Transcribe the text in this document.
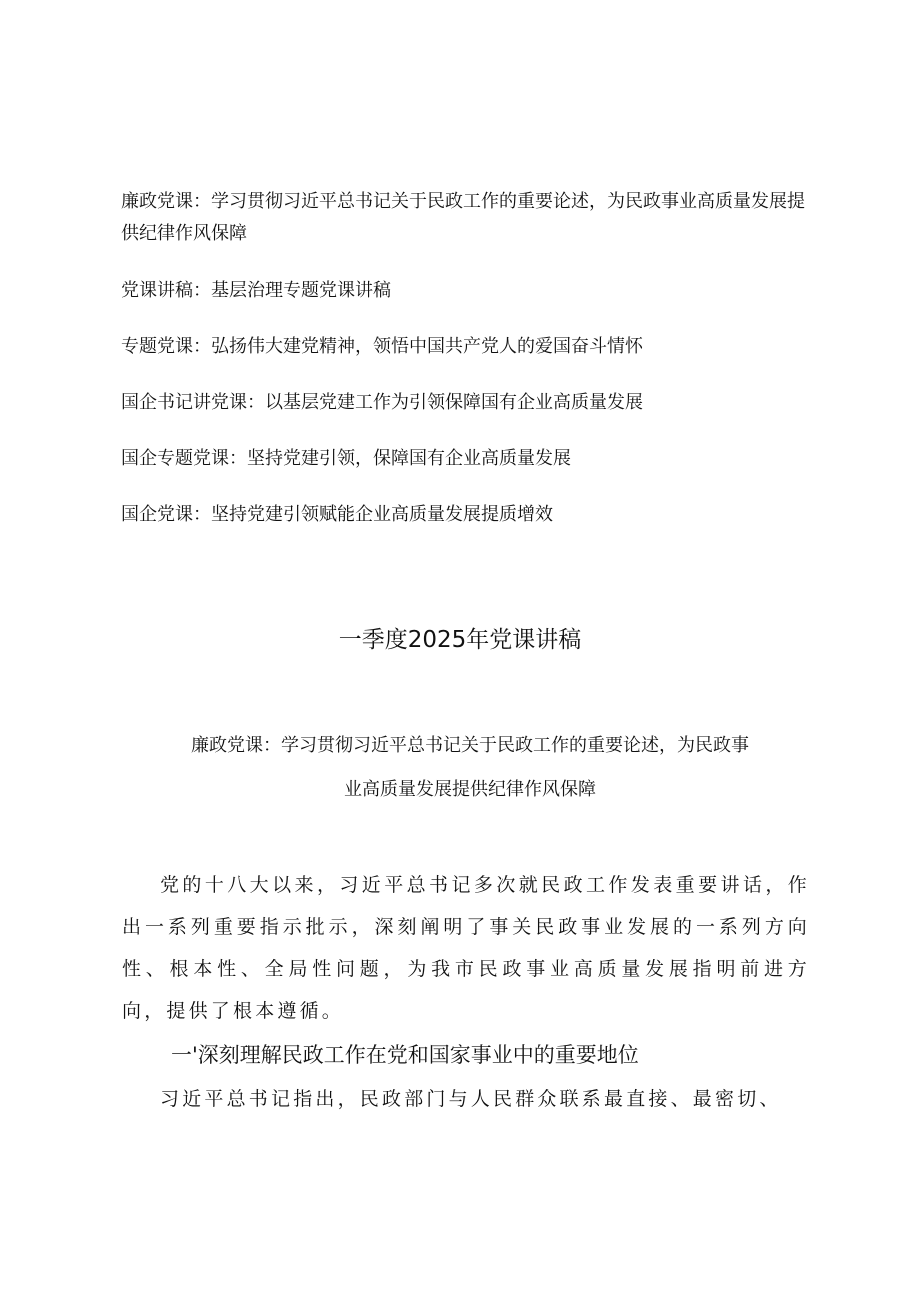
廉政党课：学习贯彻习近平总书记关于民政工作的重要论述，为民政事业高质量发展提供纪律作风保障
党课讲稿：基层治理专题党课讲稿
专题党课：弘扬伟大建党精神，领悟中国共产党人的爱国奋斗情怀
国企书记讲党课：以基层党建工作为引领保障国有企业高质量发展
国企专题党课：坚持党建引领，保障国有企业高质量发展
国企党课：坚持党建引领赋能企业高质量发展提质增效
一季度2025年党课讲稿
廉政党课：学习贯彻习近平总书记关于民政工作的重要论述，为民政事
业高质量发展提供纪律作风保障

党的十八大以来，习近平总书记多次就民政工作发表重要讲话，作出一系列重要指示批示，深刻阐明了事关民政事业发展的一系列方向性、根本性、全局性问题，为我市民政事业高质量发展指明前进方向，提供了根本遵循。

一'深刻理解民政工作在党和国家事业中的重要地位

习近平总书记指出，民政部门与人民群众联系最直接、最密切、
